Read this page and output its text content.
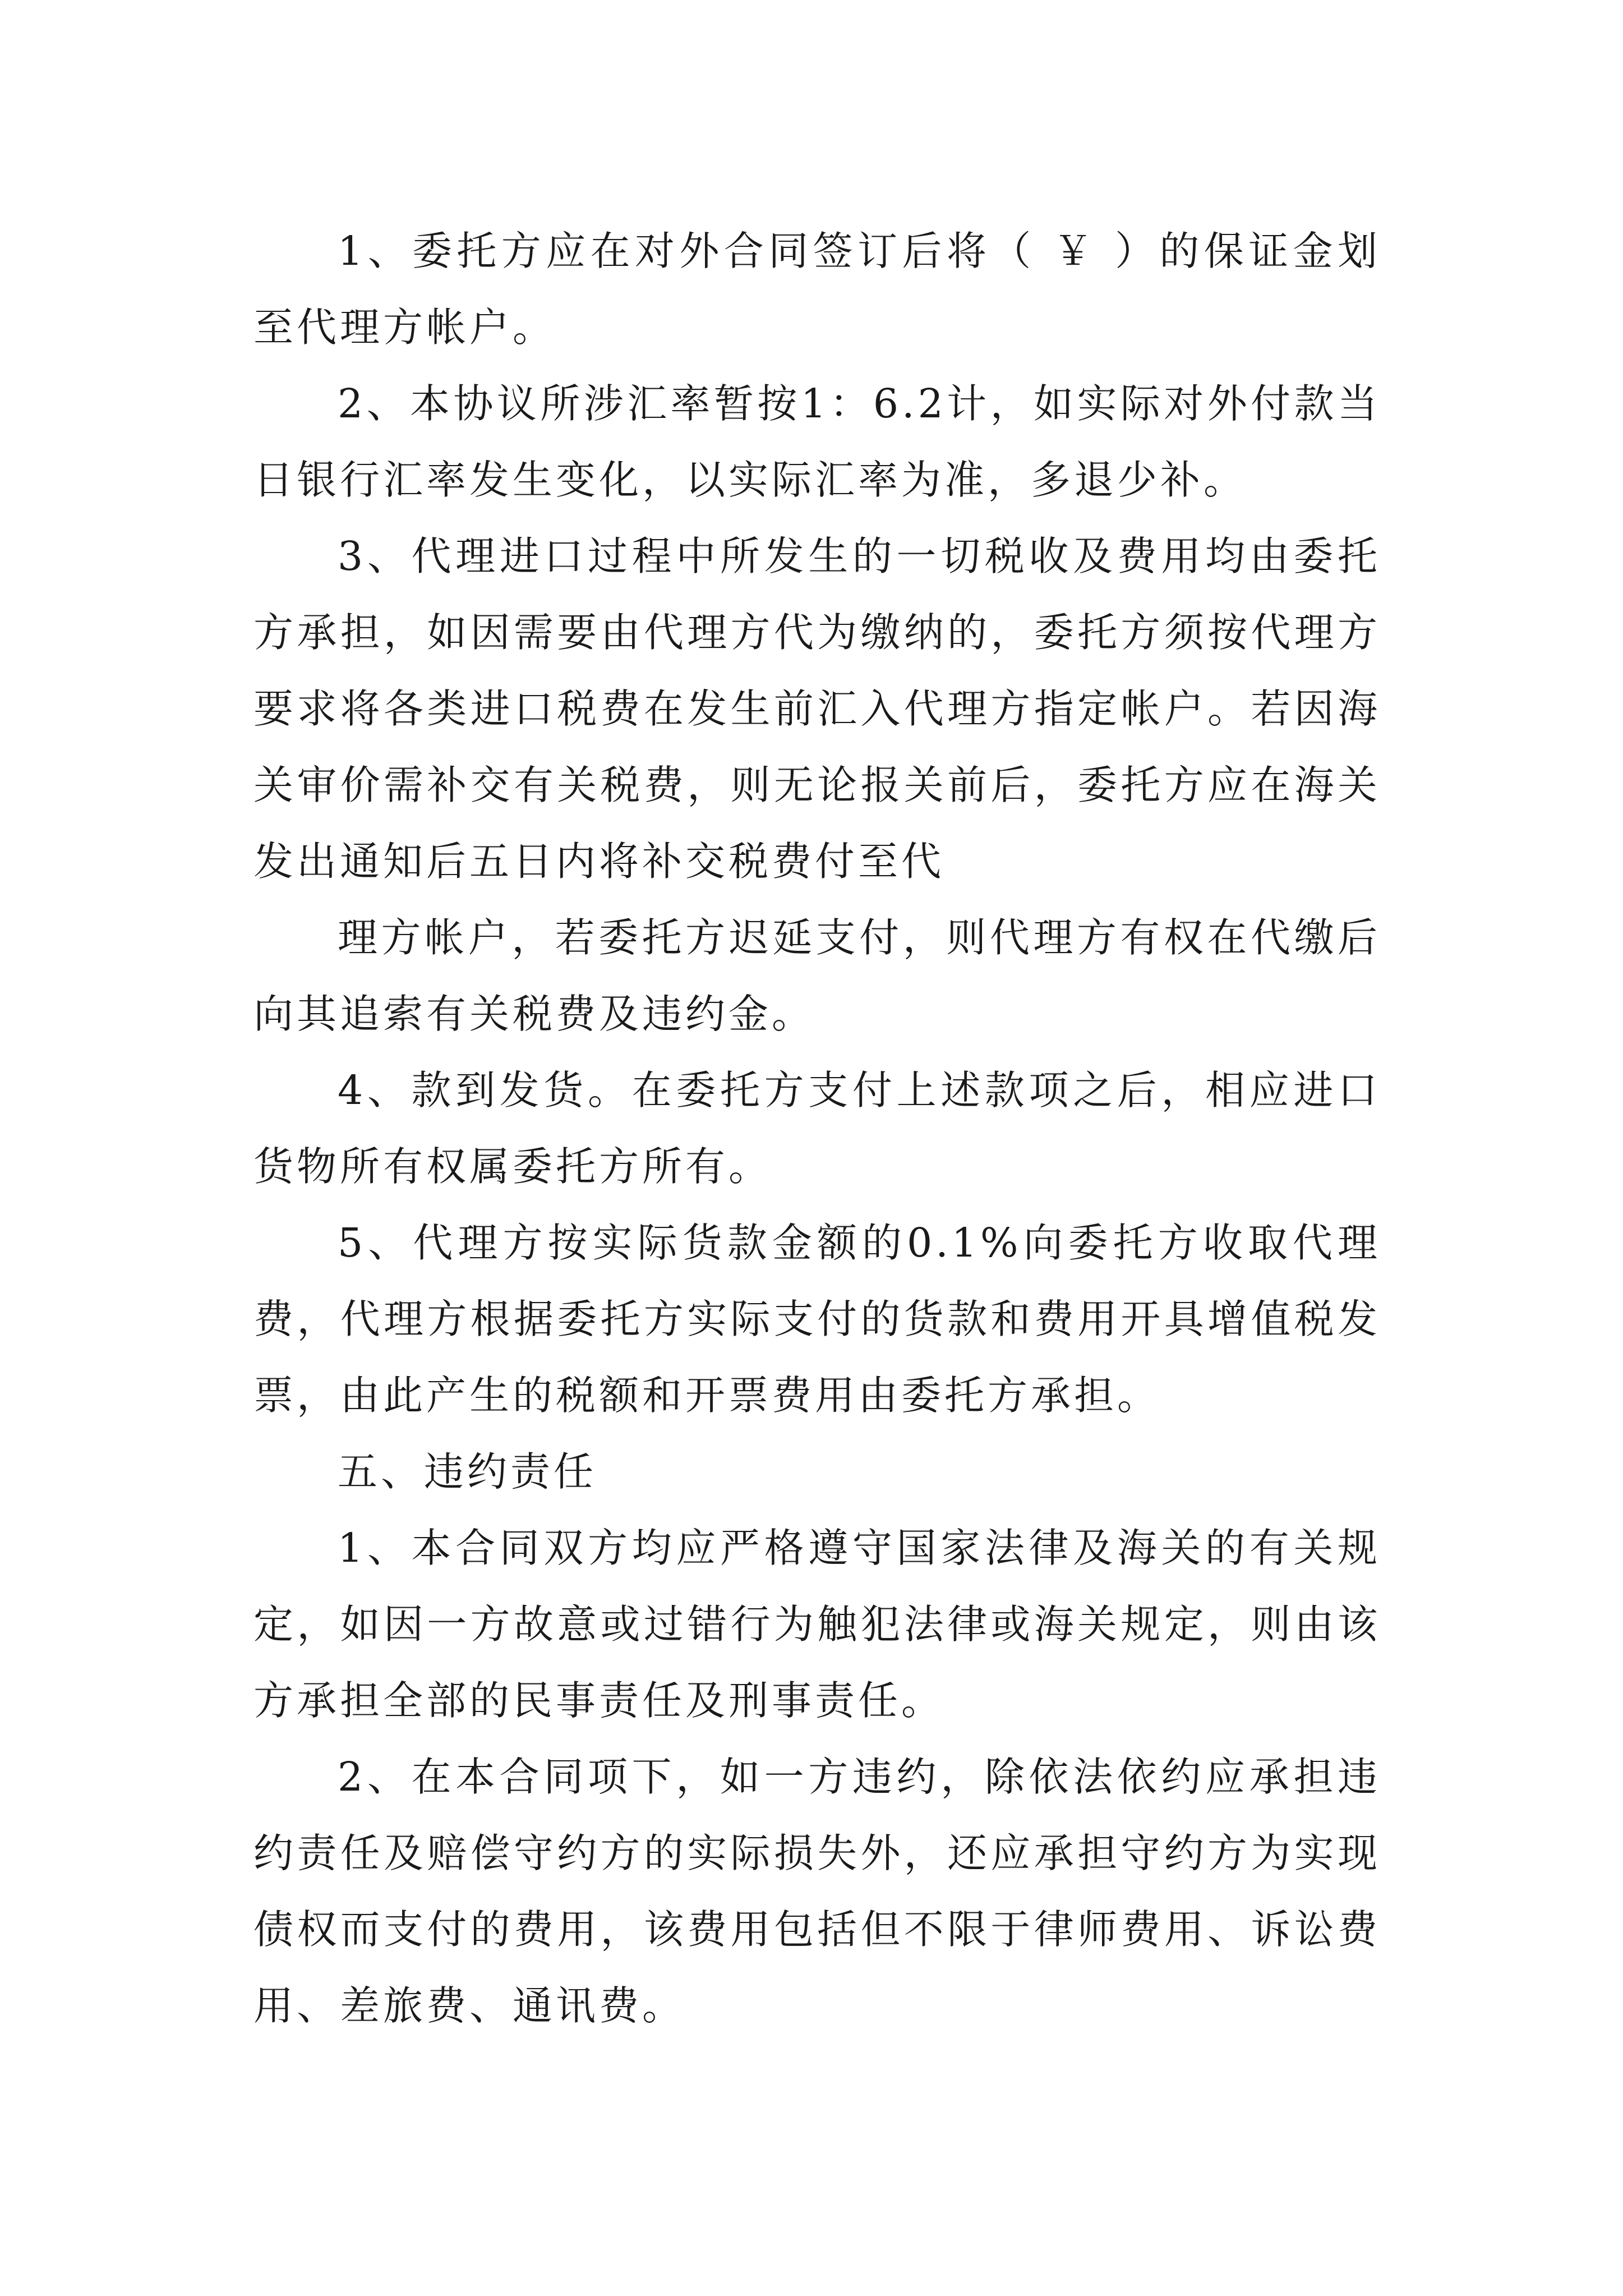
1、委托方应在对外合同签订后将（ ￥ ）的保证金划至代理方帐户。

2、本协议所涉汇率暂按1：6.2计，如实际对外付款当日银行汇率发生变化，以实际汇率为准，多退少补。

3、代理进口过程中所发生的一切税收及费用均由委托方承担，如因需要由代理方代为缴纳的，委托方须按代理方要求将各类进口税费在发生前汇入代理方指定帐户。若因海关审价需补交有关税费，则无论报关前后，委托方应在海关发出通知后五日内将补交税费付至代

理方帐户，若委托方迟延支付，则代理方有权在代缴后向其追索有关税费及违约金。

4、款到发货。在委托方支付上述款项之后，相应进口货物所有权属委托方所有。

5、代理方按实际货款金额的0.1%向委托方收取代理费，代理方根据委托方实际支付的货款和费用开具增值税发票，由此产生的税额和开票费用由委托方承担。

五、违约责任

1、本合同双方均应严格遵守国家法律及海关的有关规定，如因一方故意或过错行为触犯法律或海关规定，则由该方承担全部的民事责任及刑事责任。

2、在本合同项下，如一方违约，除依法依约应承担违约责任及赔偿守约方的实际损失外，还应承担守约方为实现债权而支付的费用，该费用包括但不限于律师费用、诉讼费用、差旅费、通讯费。
